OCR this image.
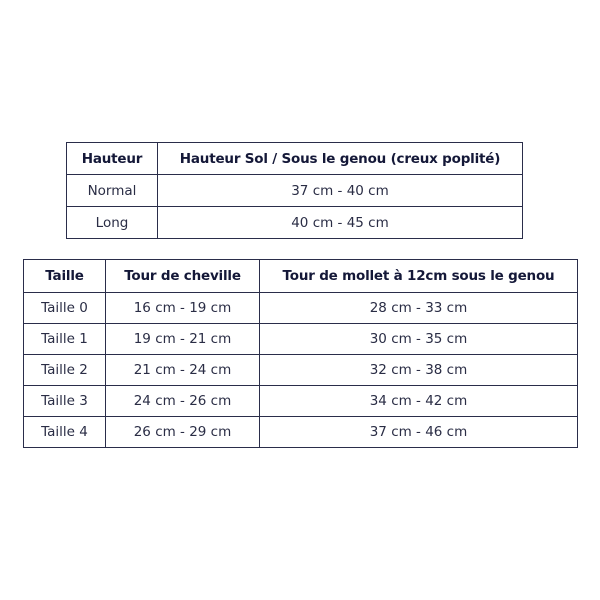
Hauteur	Hauteur Sol / Sous le genou (creux poplité)
Normal	37 cm - 40 cm
Long	40 cm - 45 cm
Taille	Tour de cheville	Tour de mollet à 12cm sous le genou
Taille 0	16 cm - 19 cm	28 cm - 33 cm
Taille 1	19 cm - 21 cm	30 cm - 35 cm
Taille 2	21 cm - 24 cm	32 cm - 38 cm
Taille 3	24 cm - 26 cm	34 cm - 42 cm
Taille 4	26 cm - 29 cm	37 cm - 46 cm
